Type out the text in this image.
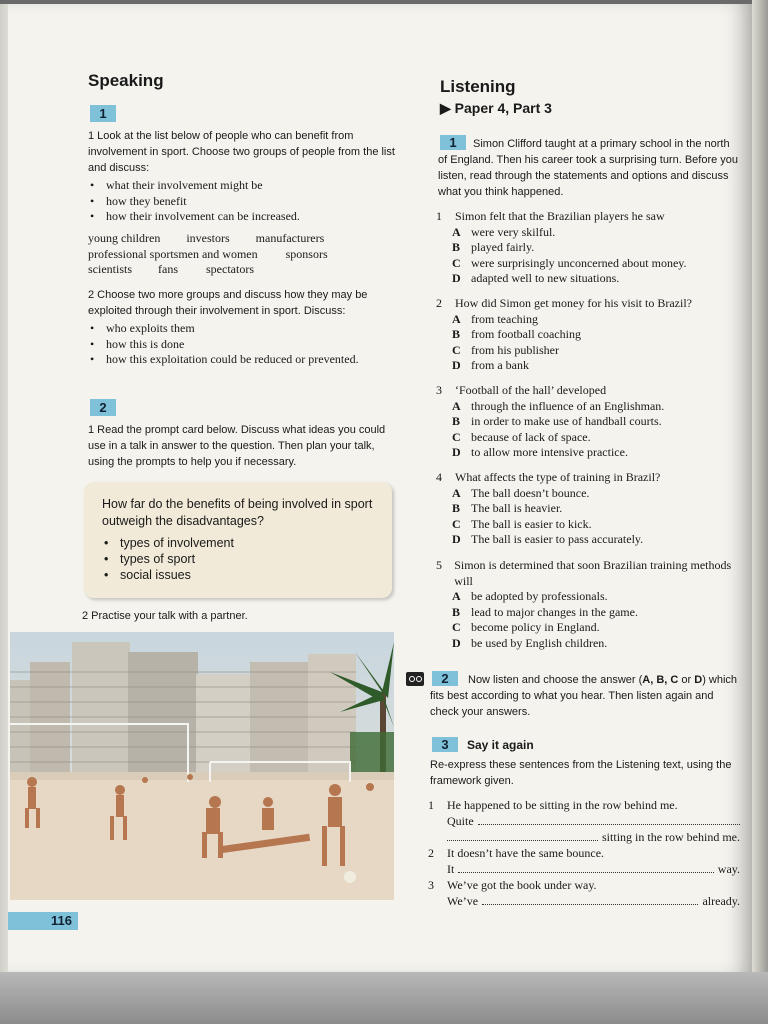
Speaking
1
1 Look at the list below of people who can benefit from involvement in sport. Choose two groups of people from the list and discuss:
• what their involvement might be
• how they benefit
• how their involvement can be increased.
young children investors manufacturers
professional sportsmen and women sponsors
scientists fans spectators
2 Choose two more groups and discuss how they may be exploited through their involvement in sport. Discuss:
• who exploits them
• how this is done
• how this exploitation could be reduced or prevented.
2
1 Read the prompt card below. Discuss what ideas you could use in a talk in answer to the question. Then plan your talk, using the prompts to help you if necessary.
How far do the benefits of being involved in sport outweigh the disadvantages?
• types of involvement
• types of sport
• social issues
2 Practise your talk with a partner.
116
Listening
▶ Paper 4, Part 3
1	Simon Clifford taught at a primary school in the north of England. Then his career took a surprising turn. Before you listen, read through the statements and options and discuss what you think happened.
1	Simon felt that the Brazilian players he saw
A were very skilful.
B played fairly.
C were surprisingly unconcerned about money.
D adapted well to new situations.
2	How did Simon get money for his visit to Brazil?
A from teaching
B from football coaching
C from his publisher
D from a bank
3	‘Football of the hall’ developed
A through the influence of an Englishman.
B in order to make use of handball courts.
C because of lack of space.
D to allow more intensive practice.
4	What affects the type of training in Brazil?
A The ball doesn’t bounce.
B The ball is heavier.
C The ball is easier to kick.
D The ball is easier to pass accurately.
5	Simon is determined that soon Brazilian training methods will
A be adopted by professionals.
B lead to major changes in the game.
C become policy in England.
D be used by English children.
2	Now listen and choose the answer (A, B, C or D) which fits best according to what you hear. Then listen again and check your answers.
3	Say it again
Re-express these sentences from the Listening text, using the framework given.
1	He happened to be sitting in the row behind me.
Quite
sitting in the row behind me.
2	It doesn’t have the same bounce.
It	way.
3	We’ve got the book under way.
We’ve	already.
